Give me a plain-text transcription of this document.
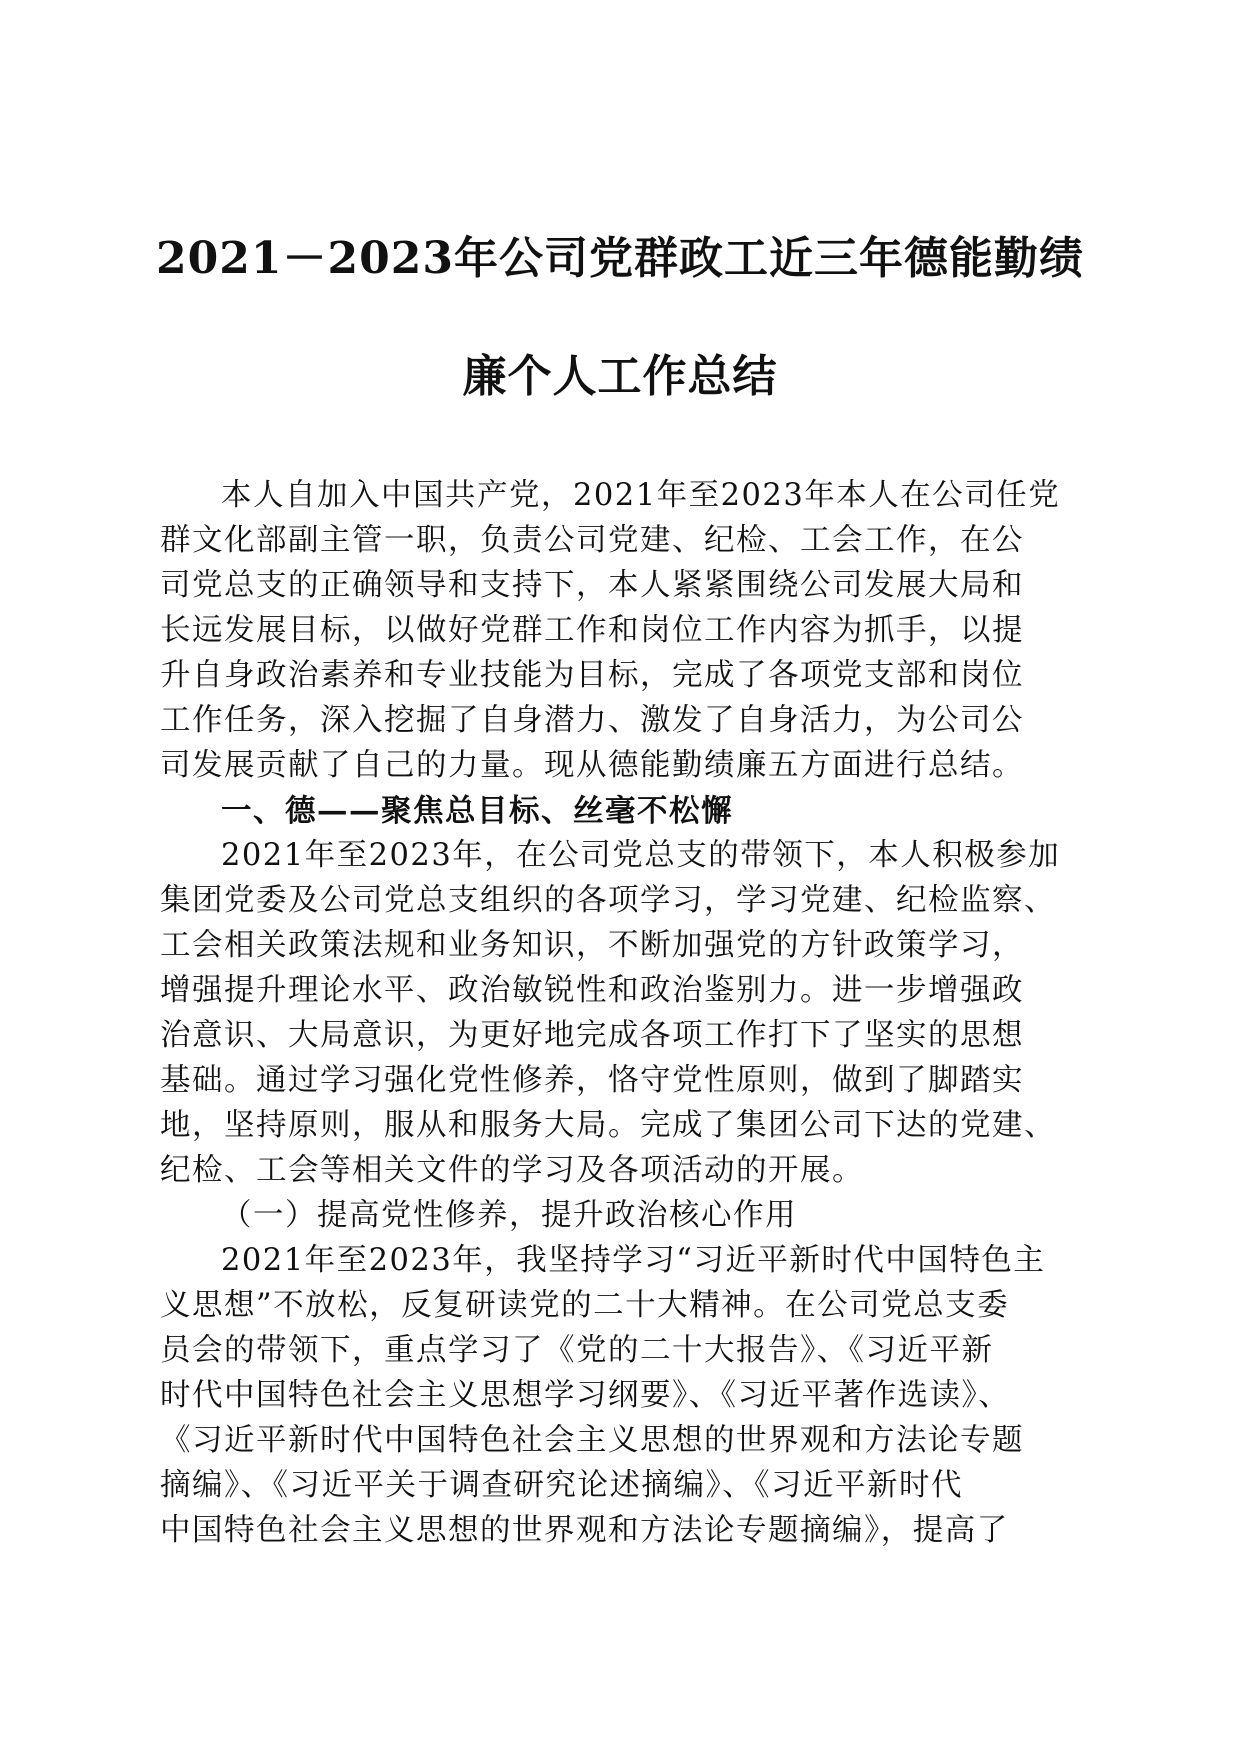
2021－2023年公司党群政工近三年德能勤绩
廉个人工作总结
本人自加入中国共产党，2021年至2023年本人在公司任党
群文化部副主管一职，负责公司党建、纪检、工会工作，在公
司党总支的正确领导和支持下，本人紧紧围绕公司发展大局和
长远发展目标，以做好党群工作和岗位工作内容为抓手，以提
升自身政治素养和专业技能为目标，完成了各项党支部和岗位
工作任务，深入挖掘了自身潜力、激发了自身活力，为公司公
司发展贡献了自己的力量。现从德能勤绩廉五方面进行总结。
一、德——聚焦总目标、丝毫不松懈
2021年至2023年，在公司党总支的带领下，本人积极参加
集团党委及公司党总支组织的各项学习，学习党建、纪检监察、
工会相关政策法规和业务知识，不断加强党的方针政策学习，
增强提升理论水平、政治敏锐性和政治鉴别力。进一步增强政
治意识、大局意识，为更好地完成各项工作打下了坚实的思想
基础。通过学习强化党性修养，恪守党性原则，做到了脚踏实
地，坚持原则，服从和服务大局。完成了集团公司下达的党建、
纪检、工会等相关文件的学习及各项活动的开展。
（一）提高党性修养，提升政治核心作用
2021年至2023年，我坚持学习“习近平新时代中国特色主
义思想”不放松，反复研读党的二十大精神。在公司党总支委
员会的带领下，重点学习了《党的二十大报告》、《习近平新
时代中国特色社会主义思想学习纲要》、《习近平著作选读》、
《习近平新时代中国特色社会主义思想的世界观和方法论专题
摘编》、《习近平关于调查研究论述摘编》、《习近平新时代
中国特色社会主义思想的世界观和方法论专题摘编》，提高了
